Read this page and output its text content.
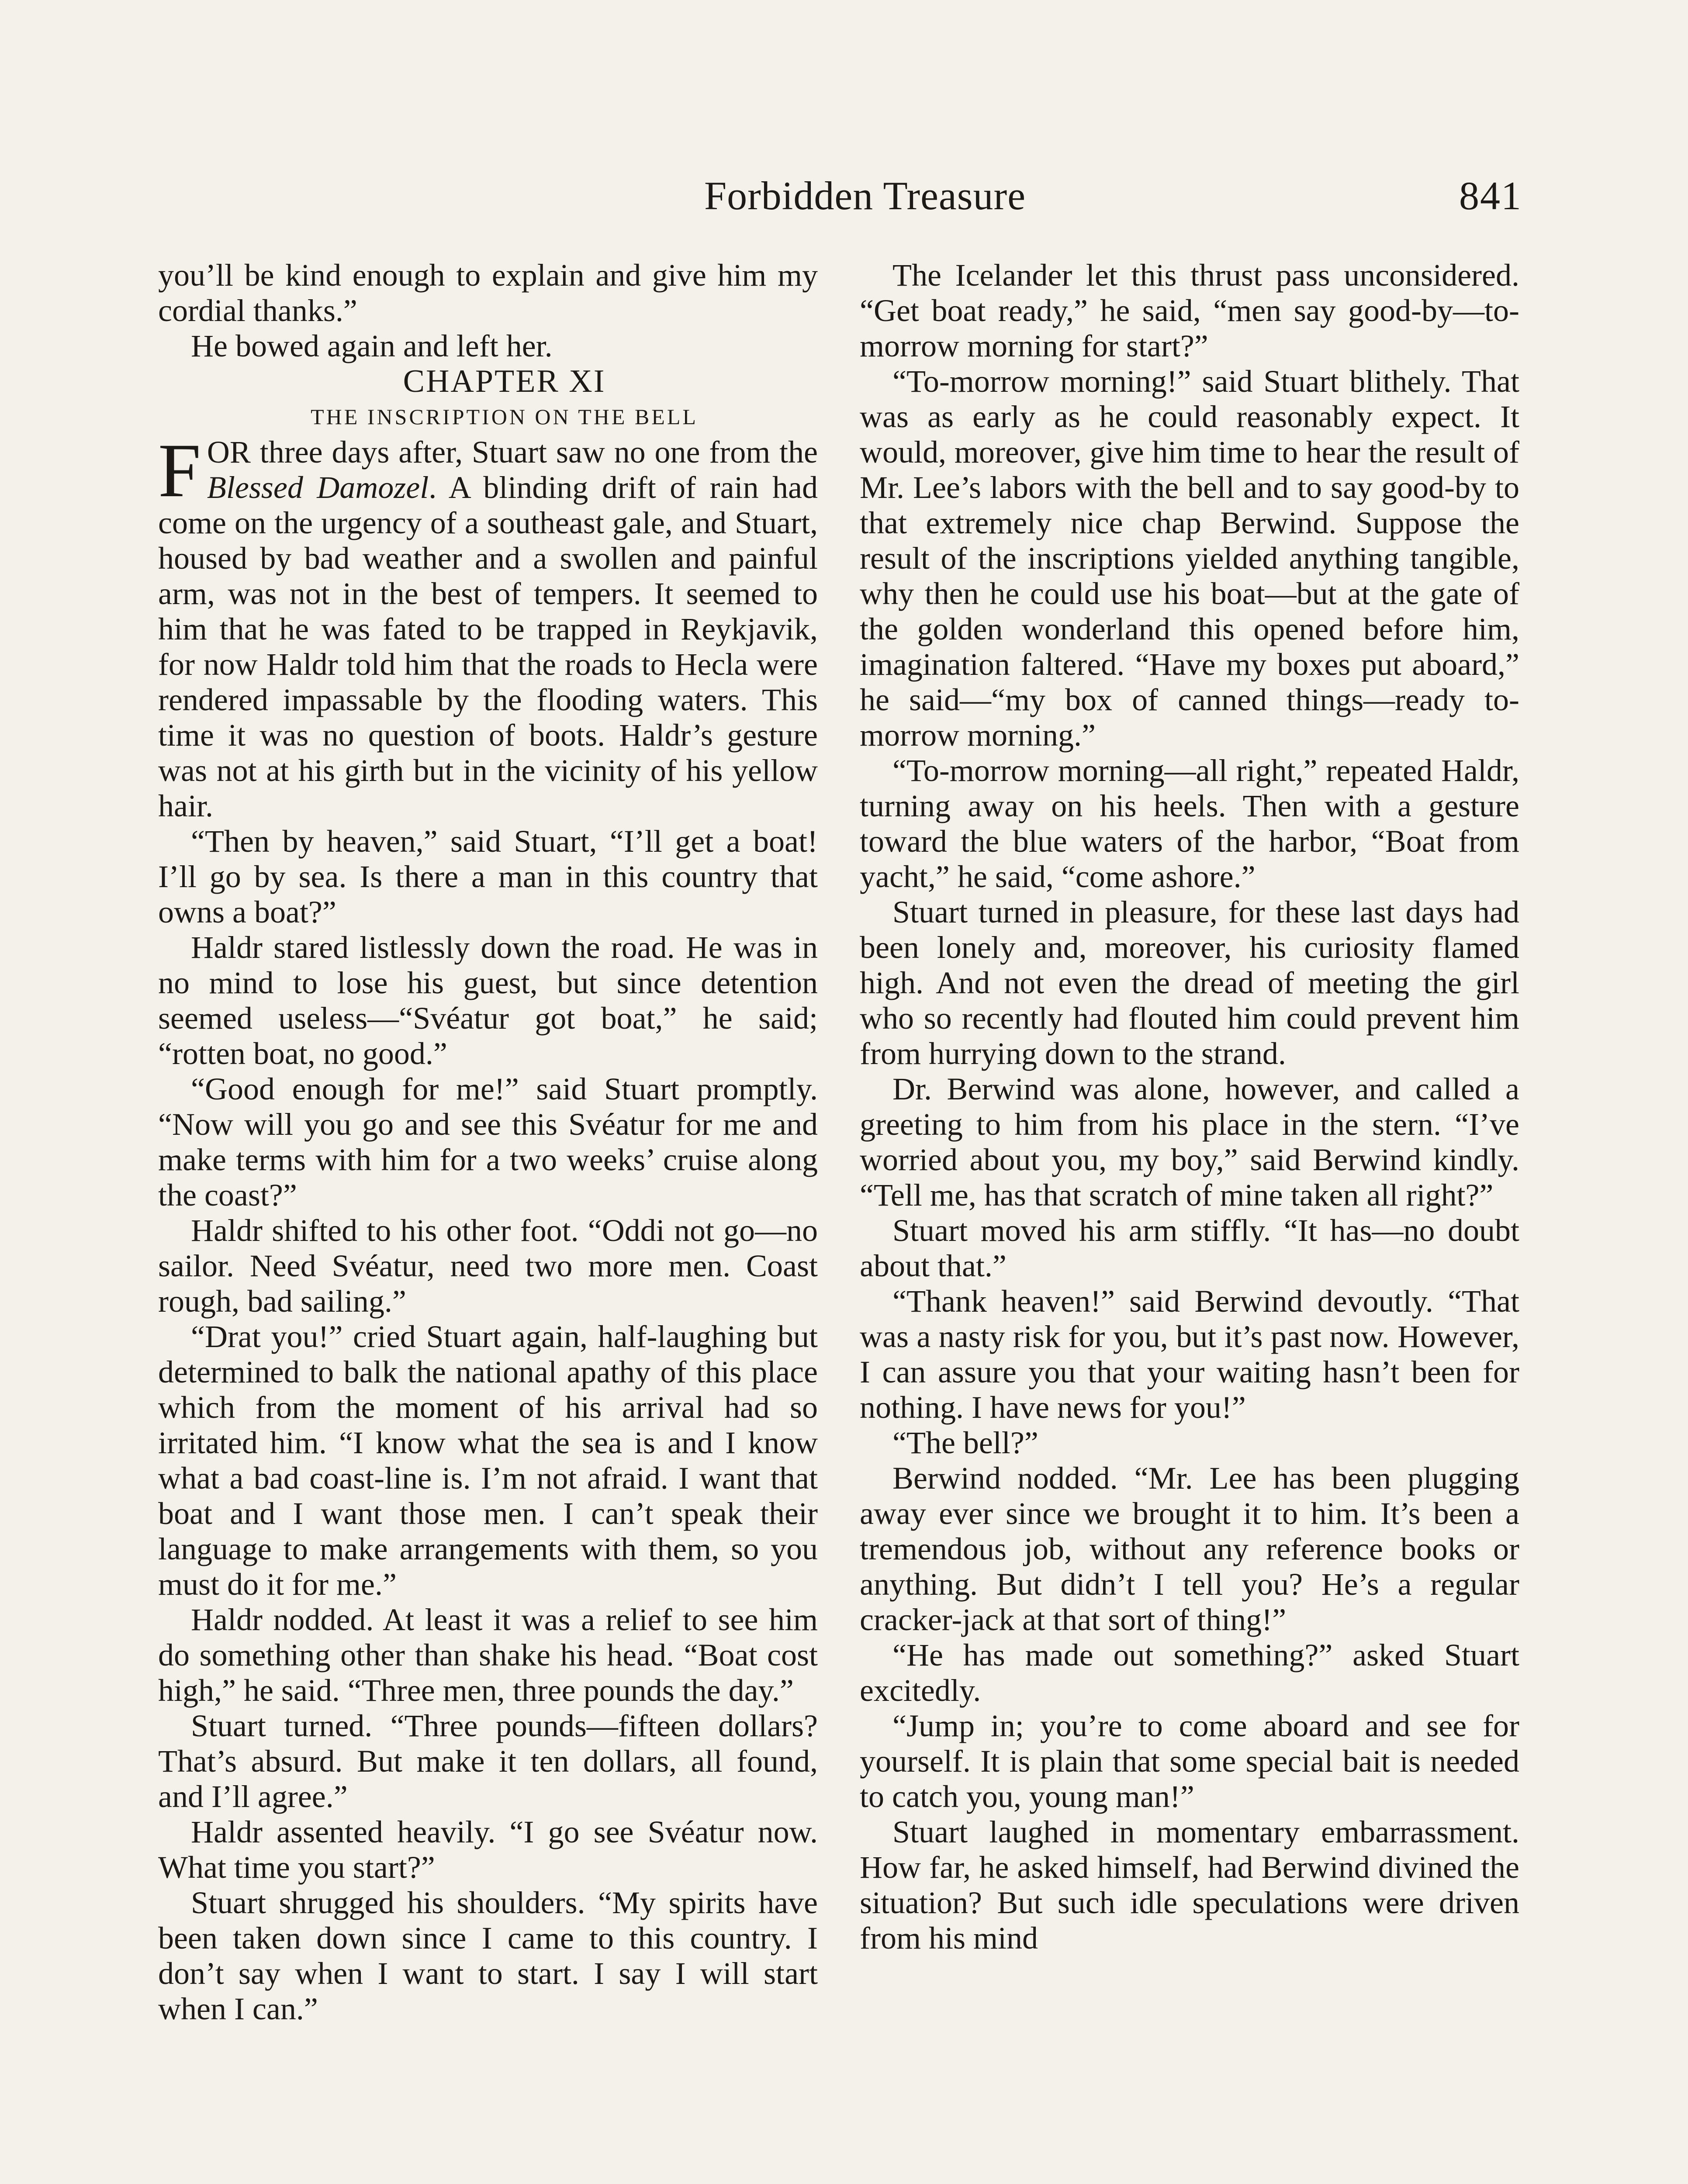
Forbidden Treasure	841

you’ll be kind enough to explain and give him my cordial thanks.”

He bowed again and left her.

CHAPTER XI

THE INSCRIPTION ON THE BELL

FOR three days after, Stuart saw no one from the Blessed Damozel. A blinding drift of rain had come on the urgency of a southeast gale, and Stuart, housed by bad weather and a swollen and painful arm, was not in the best of tempers. It seemed to him that he was fated to be trapped in Reykjavik, for now Haldr told him that the roads to Hecla were rendered impassable by the flooding waters. This time it was no question of boots. Haldr’s gesture was not at his girth but in the vicinity of his yellow hair.

“Then by heaven,” said Stuart, “I’ll get a boat! I’ll go by sea. Is there a man in this country that owns a boat?”

Haldr stared listlessly down the road. He was in no mind to lose his guest, but since detention seemed useless—“Svéatur got boat,” he said; “rotten boat, no good.”

“Good enough for me!” said Stuart promptly. “Now will you go and see this Svéatur for me and make terms with him for a two weeks’ cruise along the coast?”

Haldr shifted to his other foot. “Oddi not go—no sailor. Need Svéatur, need two more men. Coast rough, bad sailing.”

“Drat you!” cried Stuart again, half-laughing but determined to balk the national apathy of this place which from the moment of his arrival had so irritated him. “I know what the sea is and I know what a bad coast-line is. I’m not afraid. I want that boat and I want those men. I can’t speak their language to make arrangements with them, so you must do it for me.”

Haldr nodded. At least it was a relief to see him do something other than shake his head. “Boat cost high,” he said. “Three men, three pounds the day.”

Stuart turned. “Three pounds—fifteen dollars? That’s absurd. But make it ten dollars, all found, and I’ll agree.”

Haldr assented heavily. “I go see Svéatur now. What time you start?”

Stuart shrugged his shoulders. “My spirits have been taken down since I came to this country. I don’t say when I want to start. I say I will start when I can.”

The Icelander let this thrust pass unconsidered. “Get boat ready,” he said, “men say good-by—to-morrow morning for start?”

“To-morrow morning!” said Stuart blithely. That was as early as he could reasonably expect. It would, moreover, give him time to hear the result of Mr. Lee’s labors with the bell and to say good-by to that extremely nice chap Berwind. Suppose the result of the inscriptions yielded anything tangible, why then he could use his boat—but at the gate of the golden wonderland this opened before him, imagination faltered. “Have my boxes put aboard,” he said—“my box of canned things—ready to-morrow morning.”

“To-morrow morning—all right,” repeated Haldr, turning away on his heels. Then with a gesture toward the blue waters of the harbor, “Boat from yacht,” he said, “come ashore.”

Stuart turned in pleasure, for these last days had been lonely and, moreover, his curiosity flamed high. And not even the dread of meeting the girl who so recently had flouted him could prevent him from hurrying down to the strand.

Dr. Berwind was alone, however, and called a greeting to him from his place in the stern. “I’ve worried about you, my boy,” said Berwind kindly. “Tell me, has that scratch of mine taken all right?”

Stuart moved his arm stiffly. “It has—no doubt about that.”

“Thank heaven!” said Berwind devoutly. “That was a nasty risk for you, but it’s past now. However, I can assure you that your waiting hasn’t been for nothing. I have news for you!”

“The bell?”

Berwind nodded. “Mr. Lee has been plugging away ever since we brought it to him. It’s been a tremendous job, without any reference books or anything. But didn’t I tell you? He’s a regular cracker-jack at that sort of thing!”

“He has made out something?” asked Stuart excitedly.

“Jump in; you’re to come aboard and see for yourself. It is plain that some special bait is needed to catch you, young man!”

Stuart laughed in momentary embarrassment. How far, he asked himself, had Berwind divined the situation? But such idle speculations were driven from his mind
